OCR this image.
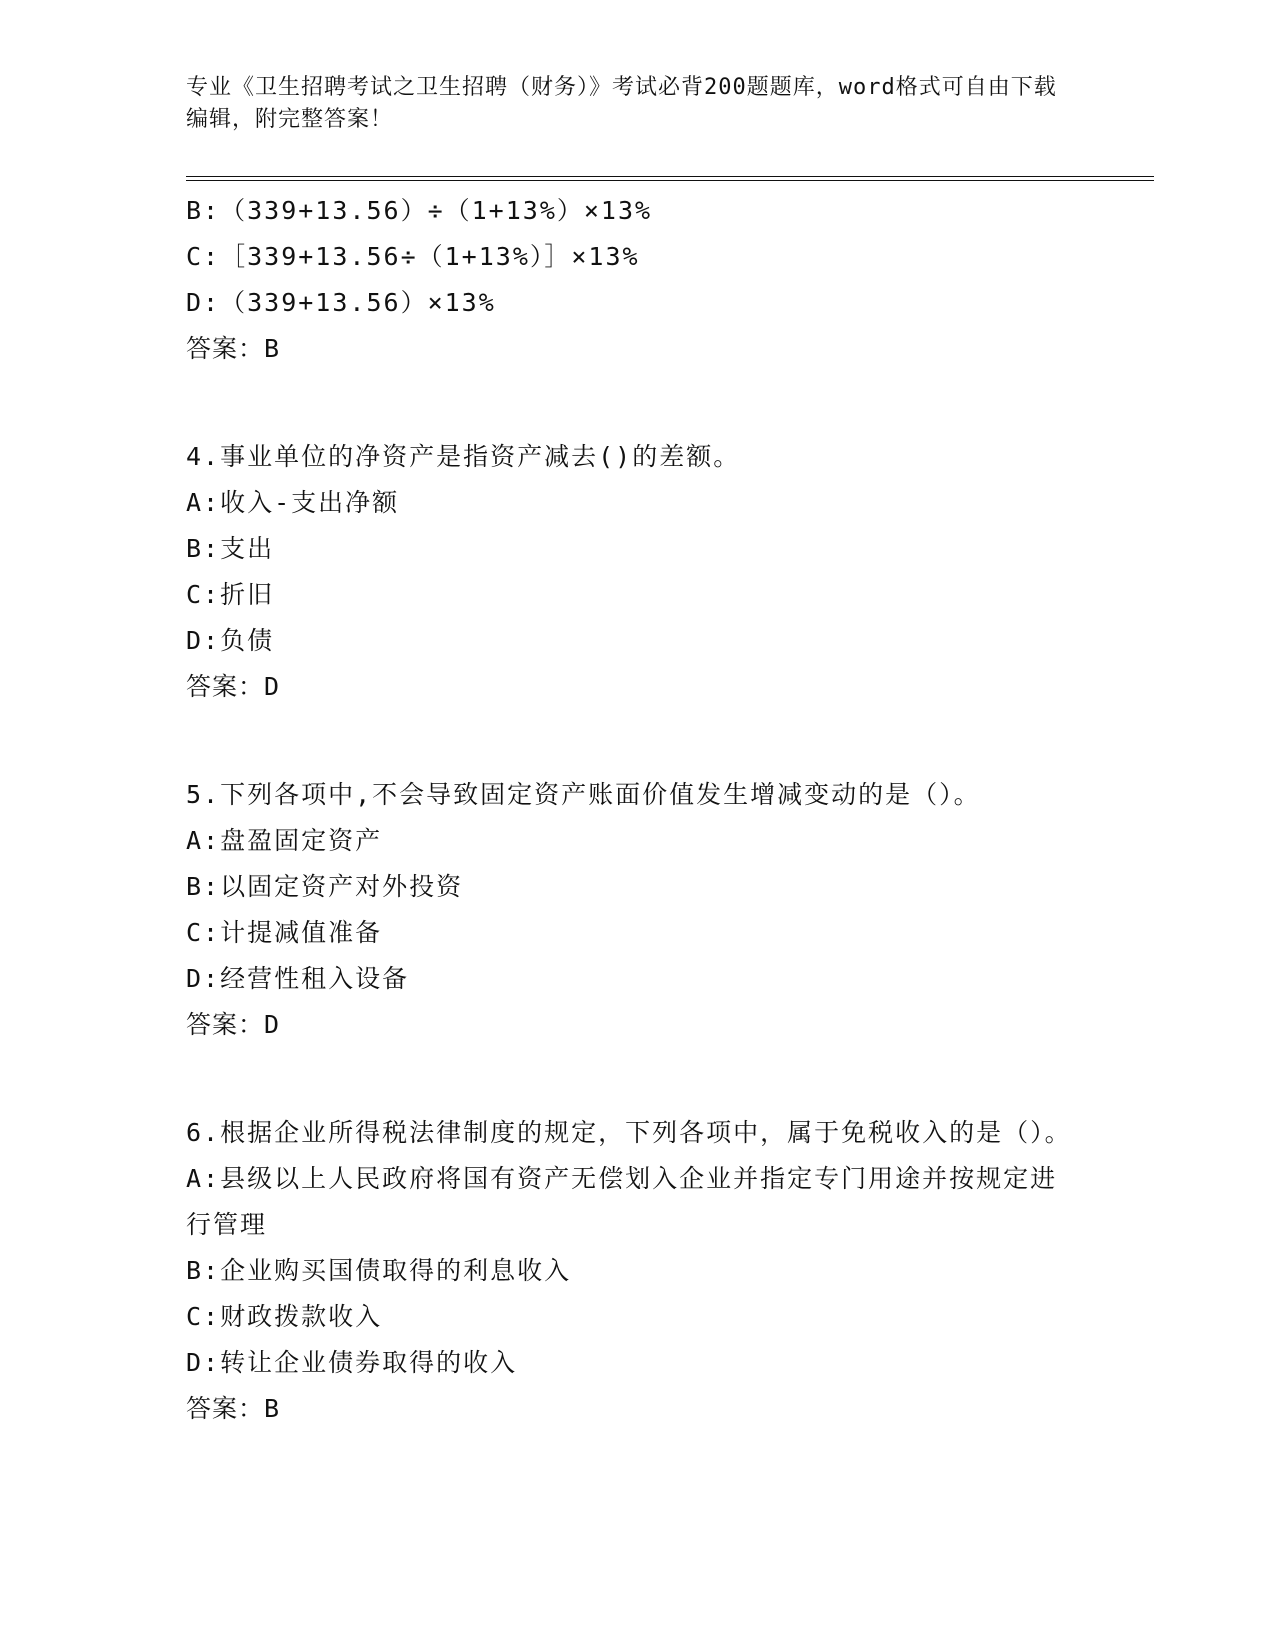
专业《卫生招聘考试之卫生招聘（财务）》考试必背200题题库，word格式可自由下载编辑，附完整答案！
B:（339+13.56）÷（1+13%）×13%
C:［339+13.56÷（1+13%）］×13%
D:（339+13.56）×13%
答案：B
4.事业单位的净资产是指资产减去()的差额。
A:收入-支出净额
B:支出
C:折旧
D:负债
答案：D
5.下列各项中,不会导致固定资产账面价值发生增减变动的是（）。
A:盘盈固定资产
B:以固定资产对外投资
C:计提减值准备
D:经营性租入设备
答案：D
6.根据企业所得税法律制度的规定，下列各项中，属于免税收入的是（）。
A:县级以上人民政府将国有资产无偿划入企业并指定专门用途并按规定进行管理
B:企业购买国债取得的利息收入
C:财政拨款收入
D:转让企业债券取得的收入
答案：B
